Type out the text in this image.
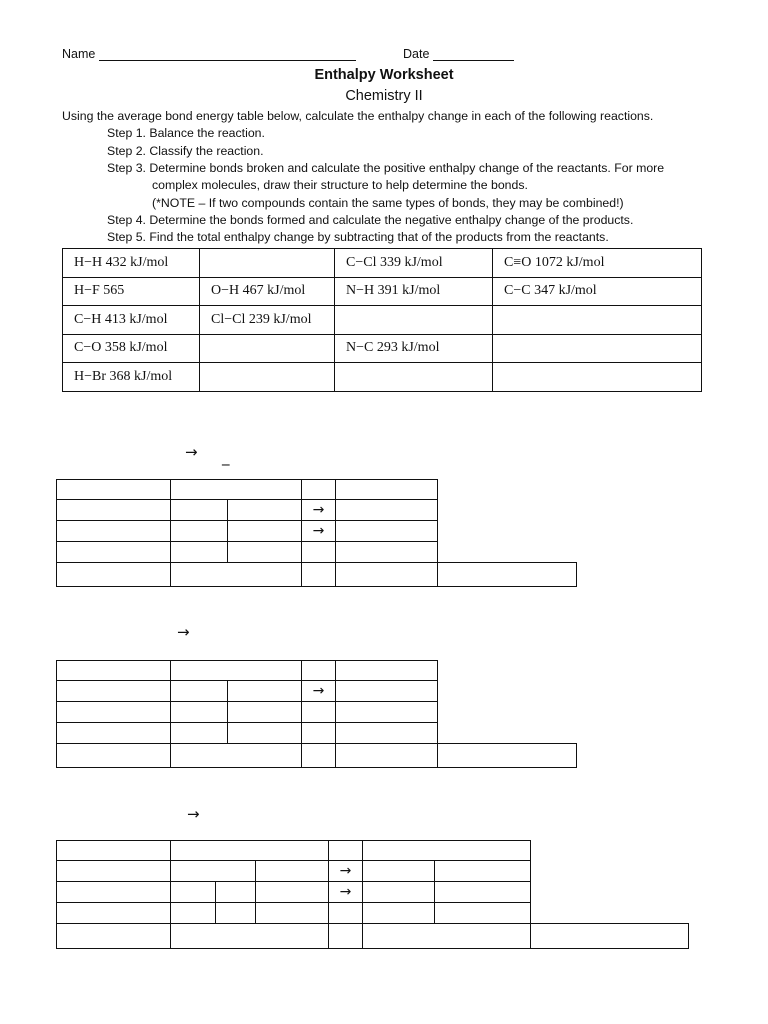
Name	Date
Enthalpy Worksheet
Chemistry II
Using the average bond energy table below, calculate the enthalpy change in each of the following reactions.
Step 1. Balance the reaction.
Step 2. Classify the reaction.
Step 3. Determine bonds broken and calculate the positive enthalpy change of the reactants. For more
complex molecules, draw their structure to help determine the bonds.
(*NOTE – If two compounds contain the same types of bonds, they may be combined!)
Step 4. Determine the bonds formed and calculate the negative enthalpy change of the products.
Step 5. Find the total enthalpy change by subtracting that of the products from the reactants.
H−H 432 kJ/mol		C−Cl 339 kJ/mol	C≡O 1072 kJ/mol
H−F 565	O−H 467 kJ/mol	N−H 391 kJ/mol	C−C 347 kJ/mol
C−H 413 kJ/mol	Cl−Cl 239 kJ/mol		
C−O 358 kJ/mol		N−C 293 kJ/mol	
H−Br 368 kJ/mol			
→ _
→
→
→
→
→
→
→
